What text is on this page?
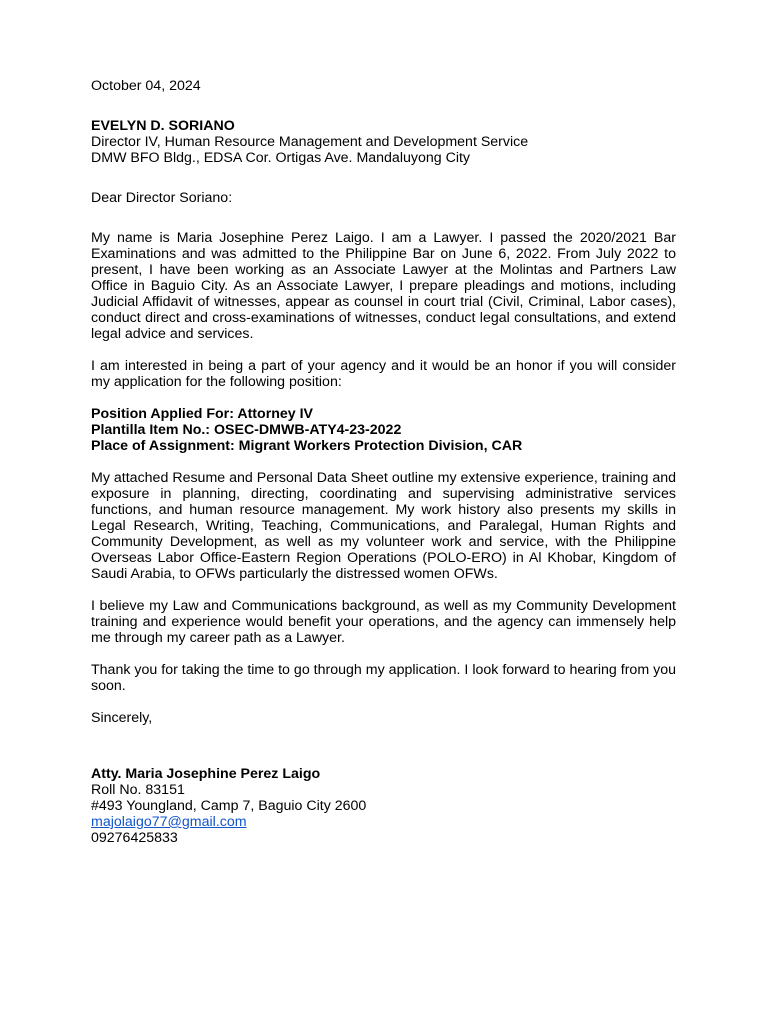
October 04, 2024
EVELYN D. SORIANO
Director IV, Human Resource Management and Development Service
DMW BFO Bldg., EDSA Cor. Ortigas Ave. Mandaluyong City
Dear Director Soriano:

My name is Maria Josephine Perez Laigo. I am a Lawyer. I passed the 2020/2021 Bar Examinations and was admitted to the Philippine Bar on June 6, 2022. From July 2022 to present, I have been working as an Associate Lawyer at the Molintas and Partners Law Office in Baguio City. As an Associate Lawyer, I prepare pleadings and motions, including Judicial Affidavit of witnesses, appear as counsel in court trial (Civil, Criminal, Labor cases), conduct direct and cross-examinations of witnesses, conduct legal consultations, and extend legal advice and services.

I am interested in being a part of your agency and it would be an honor if you will consider my application for the following position:

Position Applied For: Attorney IV
Plantilla Item No.: OSEC-DMWB-ATY4-23-2022
Place of Assignment: Migrant Workers Protection Division, CAR

My attached Resume and Personal Data Sheet outline my extensive experience, training and exposure in planning, directing, coordinating and supervising administrative services functions, and human resource management. My work history also presents my skills in Legal Research, Writing, Teaching, Communications, and Paralegal, Human Rights and Community Development, as well as my volunteer work and service, with the Philippine Overseas Labor Office-Eastern Region Operations (POLO-ERO) in Al Khobar, Kingdom of Saudi Arabia, to OFWs particularly the distressed women OFWs.

I believe my Law and Communications background, as well as my Community Development training and experience would benefit your operations, and the agency can immensely help me through my career path as a Lawyer.

Thank you for taking the time to go through my application. I look forward to hearing from you soon.

Sincerely,
Atty. Maria Josephine Perez Laigo
Roll No. 83151
#493 Youngland, Camp 7, Baguio City 2600
majolaigo77@gmail.com
09276425833
